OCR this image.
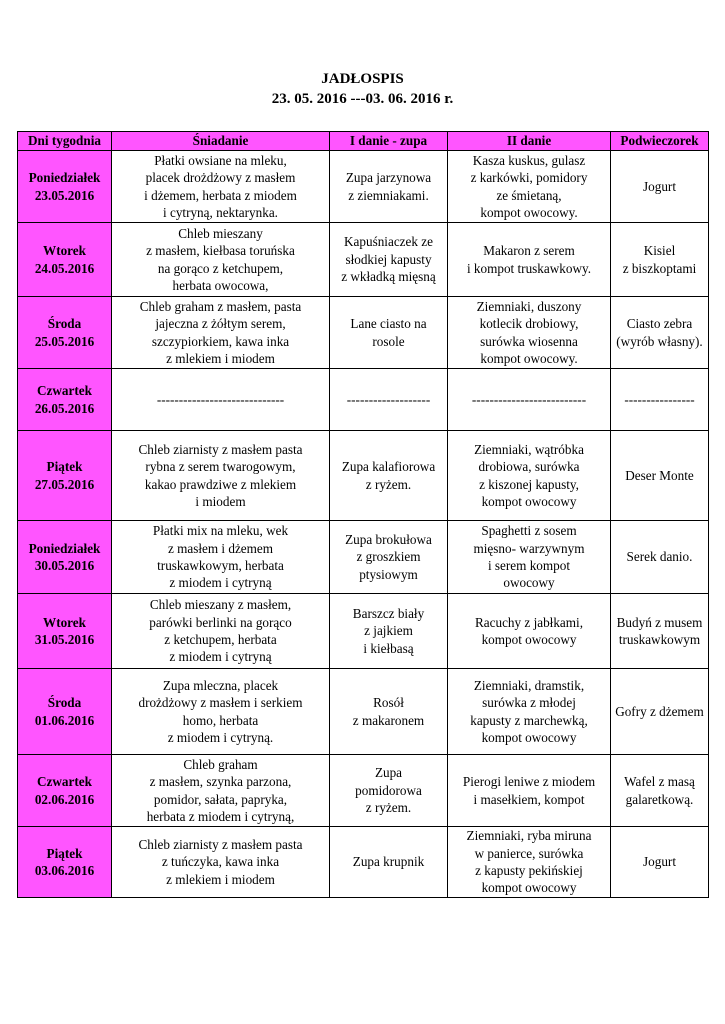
JADŁOSPIS
23. 05. 2016 ---03. 06. 2016 r.
Dni tygodnia	Śniadanie	I danie - zupa	II danie	Podwieczorek

Poniedziałek
23.05.2016	Płatki owsiane na mleku,
placek drożdżowy z masłem
i dżemem, herbata z miodem
i cytryną, nektarynka.	Zupa jarzynowa
z ziemniakami.	Kasza kuskus, gulasz
z karkówki, pomidory
ze śmietaną,
kompot owocowy.	Jogurt

Wtorek
24.05.2016	Chleb mieszany
z masłem, kiełbasa toruńska
na gorąco z ketchupem,
herbata owocowa,	Kapuśniaczek ze
słodkiej kapusty
z wkładką mięsną	Makaron z serem
i kompot truskawkowy.	Kisiel
z biszkoptami

Środa
25.05.2016	Chleb graham z masłem, pasta
jajeczna z żółtym serem,
szczypiorkiem, kawa inka
z mlekiem i miodem	Lane ciasto na
rosole	Ziemniaki, duszony
kotlecik drobiowy,
surówka wiosenna
kompot owocowy.	Ciasto zebra
(wyrób własny).

Czwartek
26.05.2016	-----------------------------	-------------------	--------------------------	----------------

Piątek
27.05.2016	Chleb ziarnisty z masłem pasta
rybna z serem twarogowym,
kakao prawdziwe z mlekiem
i miodem	Zupa kalafiorowa
z ryżem.	Ziemniaki, wątróbka
drobiowa, surówka
z kiszonej kapusty,
kompot owocowy	Deser Monte

Poniedziałek
30.05.2016	Płatki mix na mleku, wek
z masłem i dżemem
truskawkowym, herbata
z miodem i cytryną	Zupa brokułowa
z groszkiem
ptysiowym	Spaghetti z sosem
mięsno- warzywnym
i serem kompot
owocowy	Serek danio.

Wtorek
31.05.2016	Chleb mieszany z masłem,
parówki berlinki na gorąco
z ketchupem, herbata
z miodem i cytryną	Barszcz biały
z jajkiem
i kiełbasą	Racuchy z jabłkami,
kompot owocowy	Budyń z musem
truskawkowym

Środa
01.06.2016	Zupa mleczna, placek
drożdżowy z masłem i serkiem
homo, herbata
z miodem i cytryną.	Rosół
z makaronem	Ziemniaki, dramstik,
surówka z młodej
kapusty z marchewką,
kompot owocowy	Gofry z dżemem

Czwartek
02.06.2016	Chleb graham
z masłem, szynka parzona,
pomidor, sałata, papryka,
herbata z miodem i cytryną,	Zupa
pomidorowa
z ryżem.	Pierogi leniwe z miodem
i masełkiem, kompot	Wafel z masą
galaretkową.

Piątek
03.06.2016	Chleb ziarnisty z masłem pasta
z tuńczyka, kawa inka
z mlekiem i miodem	Zupa krupnik	Ziemniaki, ryba miruna
w panierce, surówka
z kapusty pekińskiej
kompot owocowy	Jogurt
